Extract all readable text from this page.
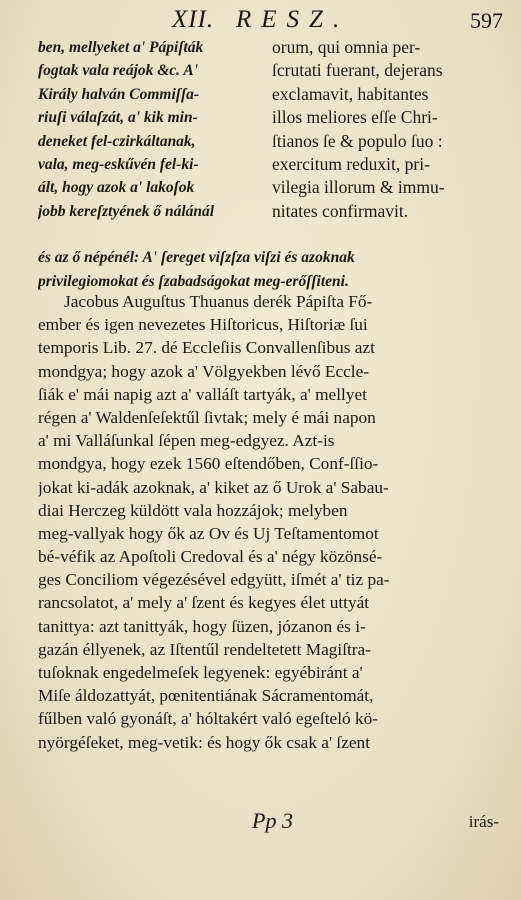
XII. RESZ.	597
ben, mellyeket a' Pápiſták
fogtak vala reájok &c. A'
Király halván Commiſſa-
riuſi válaſzát, a' kik min-
deneket fel-czirkáltanak,
vala, meg-eskűvén fel-ki-
ált, hogy azok a' lakoſok
jobb kereſztyének ő nálánál
orum, qui omnia per-
ſcrutati fuerant, dejerans
exclamavit, habitantes
illos meliores eſſe Chri-
ſtianos ſe & populo ſuo :
exercitum reduxit, pri-
vilegia illorum & immu-
nitates confirmavit.
és az ő népénél: A' ſereget viſzſza viſzi és azoknak
privilegiomokat és ſzabadságokat meg-erőſſiteni.
Jacobus Auguſtus Thuanus derék Pápiſta Fő-
ember és igen nevezetes Hiſtoricus, Hiſtoriæ ſui
temporis Lib. 27. dé Eccleſiis Convallenſibus azt
mondgya; hogy azok a' Völgyekben lévő Eccle-
ſiák e' mái napig azt a' valláſt tartyák, a' mellyet
régen a' Waldenſeſektűl ſivtak; mely é mái napon
a' mi Valláſunkal ſépen meg-edgyez. Azt-is
mondgya, hogy ezek 1560 eſtendőben, Conf-ſſio-
jokat ki-adák azoknak, a' kiket az ő Urok a' Sabau-
diai Herczeg küldött vala hozzájok; melyben
meg-vallyak hogy ők az Ov és Uj Teſtamentomot
bé-véfik az Apoſtoli Credoval és a' négy közönsé-
ges Conciliom végezésével edgyütt, iſmét a' tiz pa-
rancsolatot, a' mely a' ſzent és kegyes élet uttyát
tanittya: azt tanittyák, hogy ſüzen, józanon és i-
gazán éllyenek, az Iſtentűl rendeltetett Magiſtra-
tuſoknak engedelmeſek legyenek: egyébiránt a'
Miſe áldozattyát, pœnitentiának Sácramentomát,
fűlben való gyonáſt, a' hóltakért való egeſteló kö-
nyörgéſeket, meg-vetik: és hogy ők csak a' ſzent
Pp 3	irás-
